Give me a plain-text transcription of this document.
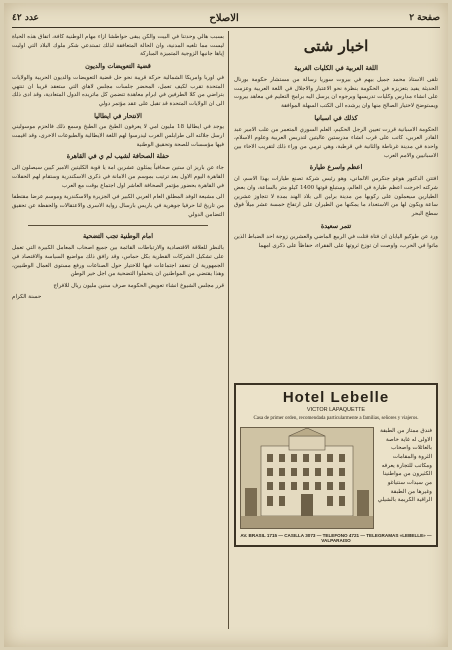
صفحة ٢
الاصلاح
عدد ٤٢
اخبار شتى
اللغة العربية في الكليات الغربية

تلقى الاستاذ محمد جميل بيهم في بيروت سوريا رسالة من مستشار حكومة بورنال الحديثة يفيد بتعزيزه في الحكومة بنظرة نحو الاعتبار والاجلال في اللغة العربية وعزمت على انشاء مدارس وكليات تدريسها وبرجوه ان يرسل اليه برامج التعليم في معاهد بيروت ويستوضح لاختيار الصالح منها وان يرشده الى الكتب السهلة الموافقة

كذلك في اسبانيا

الحكومة الاسبانية قررت تعيين الرجل الحكيم، العلم السوري المتعمر من علب الامير عبد القادر العربي، كاتب على قرب انشاء مدرستين عاليتين لتدريس العربية وعلوم الاسلام، واحدة في مدينة غرناطة والثانية في قرطبة، وهي ترمي من وراء ذلك لتقريب الاخاء بين الاسبانيين والامم العرب

اعظم واسرع طيارة

افتتن الدكتور هوغو جنكرس الالماني، وهو رئيس شركة تصنع طيارات بهذا الاسم، ان شركته اخرجت اعظم طيارة في العالم، وستبلغ قوتها 1400 كيلو متر بالساعة، وان بعض الطيارين سيعملون على ركوبها من مدينة برلين الى بلاد الهند بمدة لا تتجاوز عشرين ساعة ويكون لها من الاستعداد ما يمكنها من الطيران على ارتفاع خمسة عشر ميلاً فوق سطح البحر

تتمر سعيدة

ورد عن طوكيو اليابان ان فتاة قتلت في الربيع الماضي والعشرين زوجة احد الضباط الذين ماتوا في الحرب، واوصت ان توزع ثروتها على الفقراء، حفاظاً على ذكرى امهما

Hotel Lebelle
VICTOR LAPAQUETTE
Casa de primer orden, recomendada particularmente a familias, señores y viajeros.
فندق ممتاز من الطبقة الاولى له غاية خاصة بالعائلات واصحاب الثروة والمقامات ومكاتب للتجارة يعرفه الكثيرون من مواطنينا من سيدات سنتياغو وغيرها من الطبقة الراقية الكريمة بالشيلي
AV. BRASIL 1715 — CASILLA 3073 — TELEFONO 4721 — TELEGRAMAS «LEBELLE» — VALPARAISO

بسبب هالي وحدتنا في البيت والكن يبقى حواطشا ازاء مهام الوطنية كافة، اتفاق هذه الحياة ليست مما تلغيه المدنية، وان الحالة المتعافقة لذلك تستدعي شكر ملوك البلاد التي اوليت إياها جانبها الزوجية المتميزة المباركة

قضية التعويضات والديون

في اوربا وامريكا الشمالية حركة قريبة نحو حل قضية التعويضات والديون الحربية والولايات المتحدة تقرب لكيف تعمل، المحضر جلسات مجلس لاهاي التي ستعقد قريبا ان تنتهي بتراضي من كلا الطرفين في ابرام معاهدة تتضمن كل ماتريده الدول المتعادية، وقد ادى ذلك الى ان الولايات المتحدة قد تقبل على عقد مؤتمر دولي

الانتحار في ايطاليا

يوجد في ايطاليا 18 مليون امي لا يعرفون الطبخ من الطبخ وسمع ذلك فالحزم موسوليني ارسل جلالته الى طرابلس الغرب ليدرسوا لهم اللغة الايطالية والطبوعات الاخرى، وقد اقيمت فيها مؤسسات للصحة وتحقيق الوطنية

حفلة الصحافة لشيب لم ي في القاهرة

جاء عن باريز ان ستين صحافياً يمثلون عشرين امة يا قوبة الكليتين الامير كيين سيصلون الى القاهرة اليوم الاول بعد ترتيب بموسم من الامانة في ذكرى الاسكندرية وستقام لهم الحفلات في القاهرة بحضور مؤتمر الصحافة العاشر اول اجتماع بوقت مع العرب

الى مشيعة الوفد المطلق العام العربي الكبير في الجزيرة والاسكندرية وموسم عرضا مقتطفا من تاريخ لنا حرفيا جوهرية في باريس بارسال رواية الاسرى والاعتقالات والحفظة عن تحقيق التضامن الدولي

امام الوطنية تجب التضحية

بالنظر للعلاقة الاقتصادية والارتباطات القائمة بين جميع اصحاب المعامل الكبيرة التي تعمل على تشكيل الشركات القطرية بكل حماس، وقد رافق ذلك مواضيع السياسة والاقتصاد في الجمهورية ان تنعقد اجتماعات فيها للاختيار حول الصناعات ورفع مستوى العمال الوطنيين، وهذا يقتضي من المواطنين ان يتحملوا التضحية من اجل خير الوطن

قرر مجلس الشيوخ انشاء تعويض الحكومة صرف سنين مليون ريال للافراج

حسنة الكرام
